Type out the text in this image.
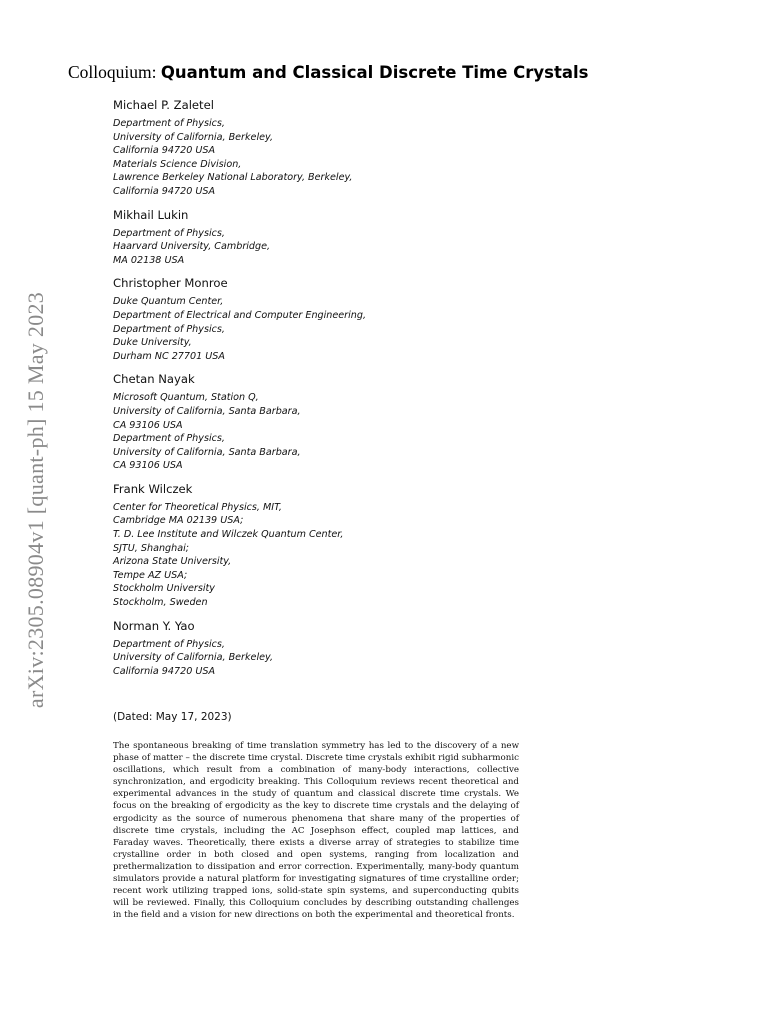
arXiv:2305.08904v1 [quant-ph] 15 May 2023
Colloquium: Quantum and Classical Discrete Time Crystals
Michael P. Zaletel
Department of Physics,
University of California, Berkeley,
California 94720 USA
Materials Science Division,
Lawrence Berkeley National Laboratory, Berkeley,
California 94720 USA
Mikhail Lukin
Department of Physics,
Haarvard University, Cambridge,
MA 02138 USA
Christopher Monroe
Duke Quantum Center,
Department of Electrical and Computer Engineering,
Department of Physics,
Duke University,
Durham NC 27701 USA
Chetan Nayak
Microsoft Quantum, Station Q,
University of California, Santa Barbara,
CA 93106 USA
Department of Physics,
University of California, Santa Barbara,
CA 93106 USA
Frank Wilczek
Center for Theoretical Physics, MIT,
Cambridge MA 02139 USA;
T. D. Lee Institute and Wilczek Quantum Center,
SJTU, Shanghai;
Arizona State University,
Tempe AZ USA;
Stockholm University
Stockholm, Sweden
Norman Y. Yao
Department of Physics,
University of California, Berkeley,
California 94720 USA
(Dated: May 17, 2023)
The spontaneous breaking of time translation symmetry has led to the discovery of a new phase of matter – the discrete time crystal. Discrete time crystals exhibit rigid subharmonic oscillations, which result from a combination of many-body interactions, collective synchronization, and ergodicity breaking. This Colloquium reviews recent theoretical and experimental advances in the study of quantum and classical discrete time crystals. We focus on the breaking of ergodicity as the key to discrete time crystals and the delaying of ergodicity as the source of numerous phenomena that share many of the properties of discrete time crystals, including the AC Josephson effect, coupled map lattices, and Faraday waves. Theoretically, there exists a diverse array of strategies to stabilize time crystalline order in both closed and open systems, ranging from localization and prethermalization to dissipation and error correction. Experimentally, many-body quantum simulators provide a natural platform for investigating signatures of time crystalline order; recent work utilizing trapped ions, solid-state spin systems, and superconducting qubits will be reviewed. Finally, this Colloquium concludes by describing outstanding challenges in the field and a vision for new directions on both the experimental and theoretical fronts.
